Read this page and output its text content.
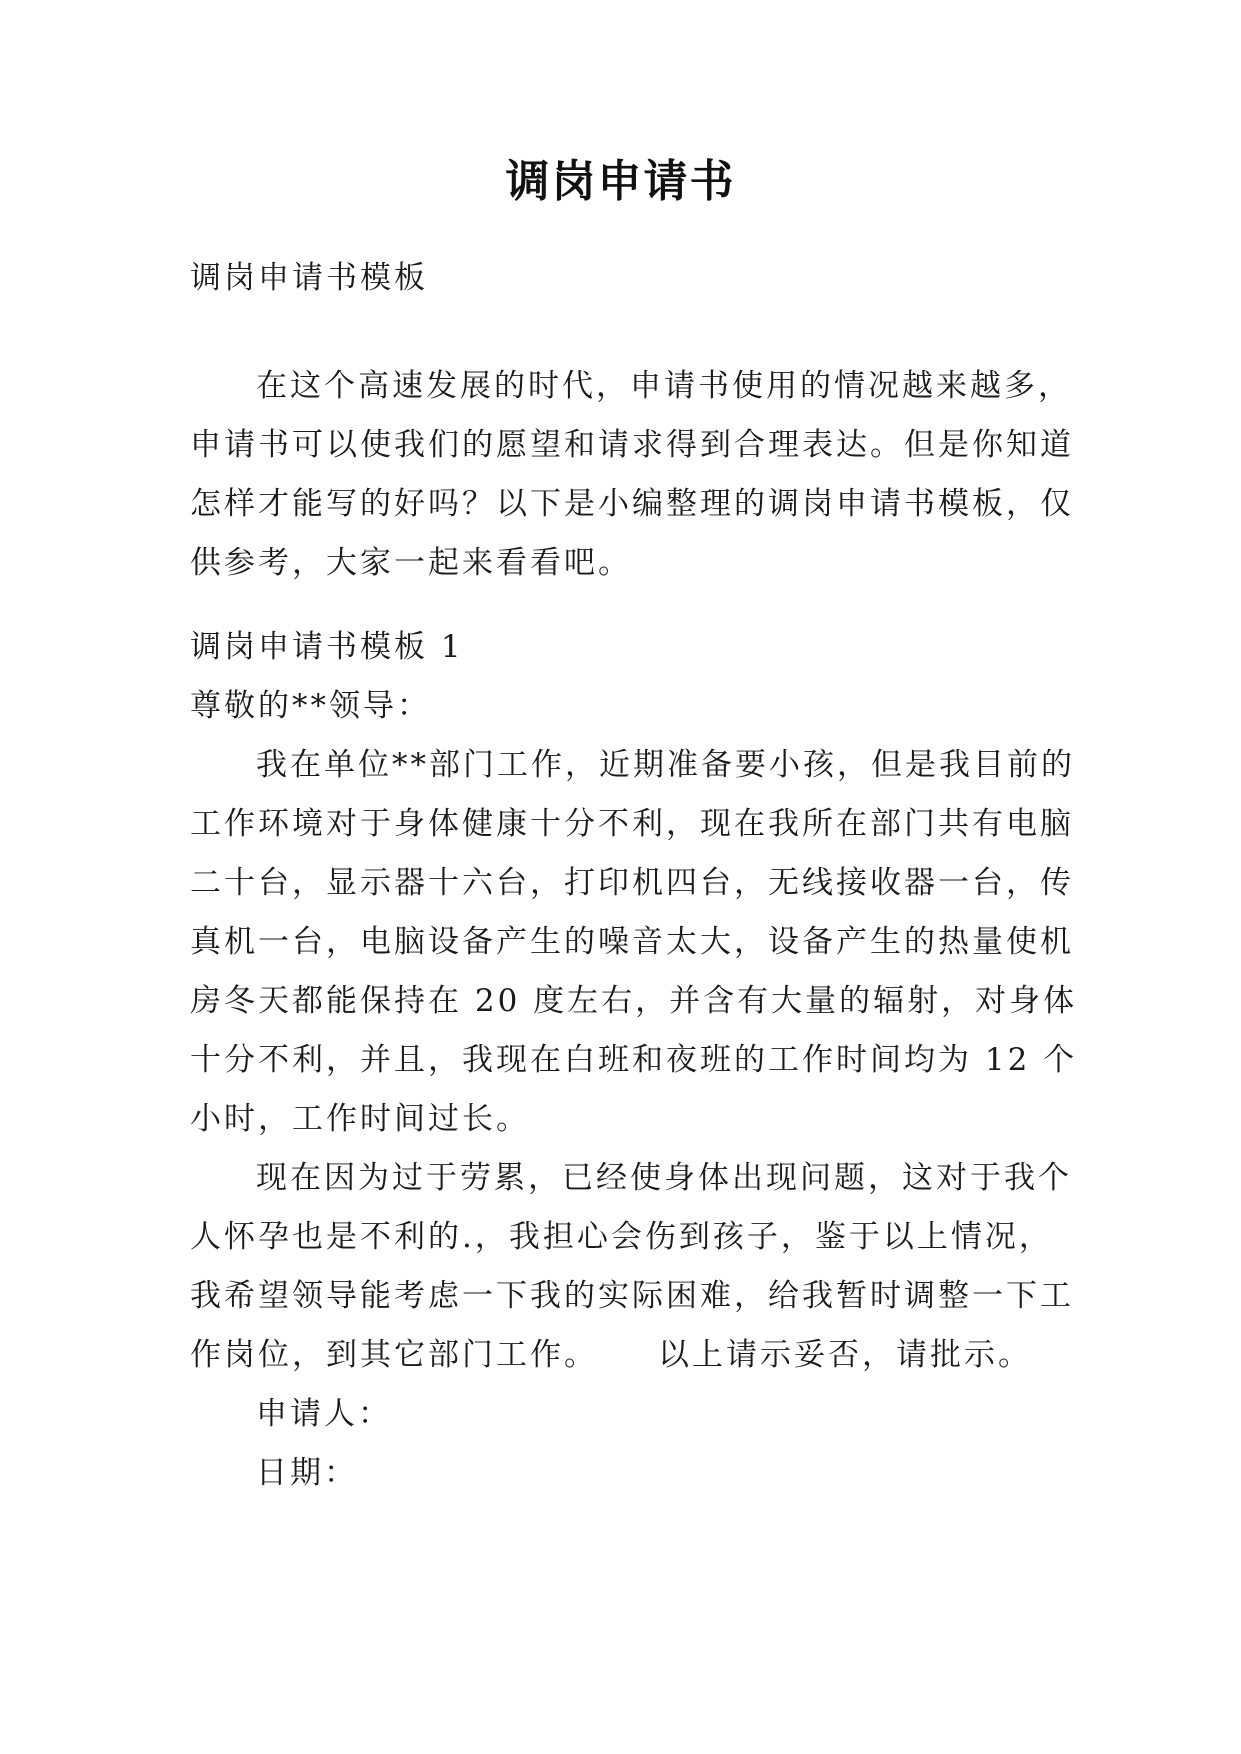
调岗申请书
调岗申请书模板
在这个高速发展的时代，申请书使用的情况越来越多，
申请书可以使我们的愿望和请求得到合理表达。但是你知道
怎样才能写的好吗？以下是小编整理的调岗申请书模板，仅
供参考，大家一起来看看吧。
调岗申请书模板 1
尊敬的**领导：
我在单位**部门工作，近期准备要小孩，但是我目前的
工作环境对于身体健康十分不利，现在我所在部门共有电脑
二十台，显示器十六台，打印机四台，无线接收器一台，传
真机一台，电脑设备产生的噪音太大，设备产生的热量使机
房冬天都能保持在 20 度左右，并含有大量的辐射，对身体
十分不利，并且，我现在白班和夜班的工作时间均为 12 个
小时，工作时间过长。
现在因为过于劳累，已经使身体出现问题，这对于我个
人怀孕也是不利的.，我担心会伤到孩子，鉴于以上情况，
我希望领导能考虑一下我的实际困难，给我暂时调整一下工
作岗位，到其它部门工作。 以上请示妥否，请批示。
申请人：
日期：
